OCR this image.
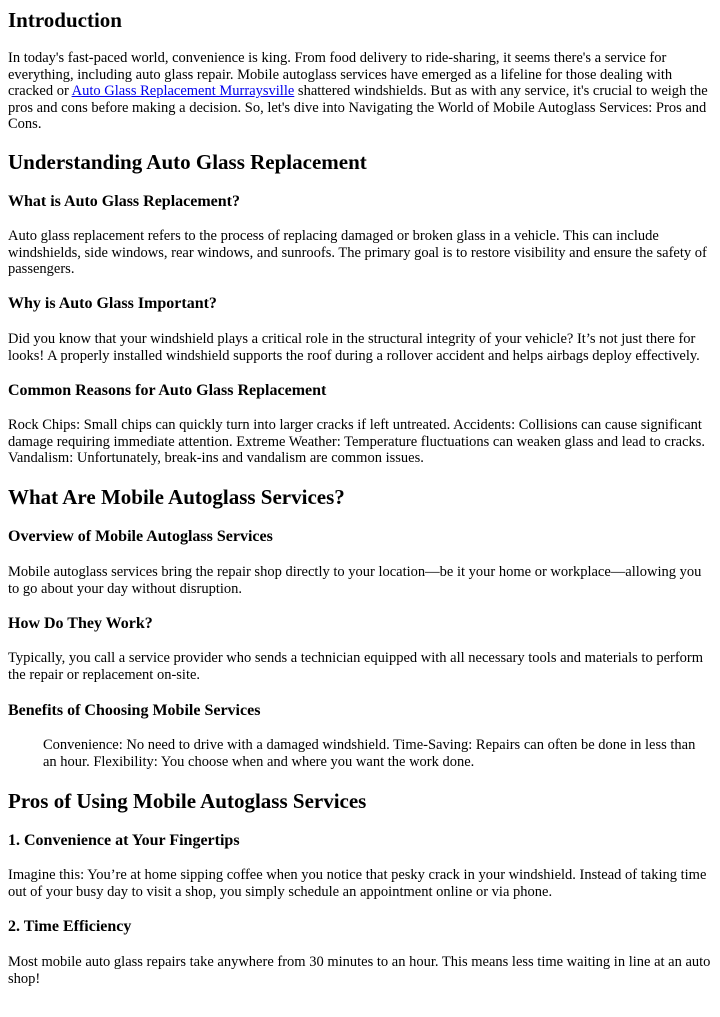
Introduction
In today's fast-paced world, convenience is king. From food delivery to ride-sharing, it seems there's a service for
everything, including auto glass repair. Mobile autoglass services have emerged as a lifeline for those dealing with
cracked or Auto Glass Replacement Murraysville shattered windshields. But as with any service, it's crucial to weigh the
pros and cons before making a decision. So, let's dive into Navigating the World of Mobile Autoglass Services: Pros and
Cons.
Understanding Auto Glass Replacement
What is Auto Glass Replacement?
Auto glass replacement refers to the process of replacing damaged or broken glass in a vehicle. This can include
windshields, side windows, rear windows, and sunroofs. The primary goal is to restore visibility and ensure the safety of
passengers.
Why is Auto Glass Important?
Did you know that your windshield plays a critical role in the structural integrity of your vehicle? It’s not just there for
looks! A properly installed windshield supports the roof during a rollover accident and helps airbags deploy effectively.
Common Reasons for Auto Glass Replacement
Rock Chips: Small chips can quickly turn into larger cracks if left untreated. Accidents: Collisions can cause significant
damage requiring immediate attention. Extreme Weather: Temperature fluctuations can weaken glass and lead to cracks.
Vandalism: Unfortunately, break-ins and vandalism are common issues.
What Are Mobile Autoglass Services?
Overview of Mobile Autoglass Services
Mobile autoglass services bring the repair shop directly to your location—be it your home or workplace—allowing you
to go about your day without disruption.
How Do They Work?
Typically, you call a service provider who sends a technician equipped with all necessary tools and materials to perform
the repair or replacement on-site.
Benefits of Choosing Mobile Services
Convenience: No need to drive with a damaged windshield. Time-Saving: Repairs can often be done in less than
an hour. Flexibility: You choose when and where you want the work done.
Pros of Using Mobile Autoglass Services
1. Convenience at Your Fingertips
Imagine this: You’re at home sipping coffee when you notice that pesky crack in your windshield. Instead of taking time
out of your busy day to visit a shop, you simply schedule an appointment online or via phone.
2. Time Efficiency
Most mobile auto glass repairs take anywhere from 30 minutes to an hour. This means less time waiting in line at an auto
shop!
